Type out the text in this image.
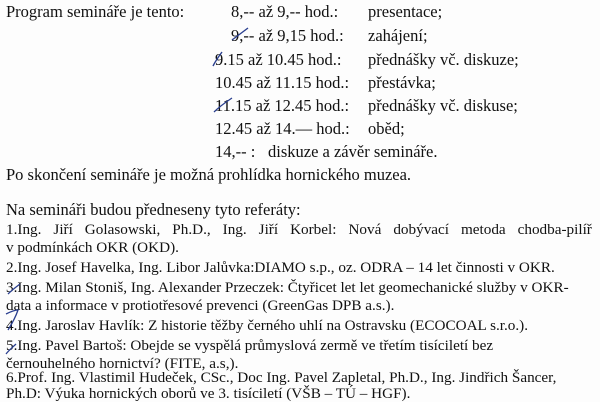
Program semináře je tento:	8,-- až 9,-- hod.: presentace;
9,-- až 9,15 hod.: zahájení;
9.15 až 10.45 hod.: přednášky vč. diskuze;
10.45 až 11.15 hod.: přestávka;
11.15 až 12.45 hod.: přednášky vč. diskuse;
12.45 až 14.— hod.: oběd;
14,-- : diskuze a závěr semináře.
Po skončení semináře je možná prohlídka hornického muzea.
Na semináři budou předneseny tyto referáty:
1.Ing. Jiří Golasowski, Ph.D., Ing. Jiří Korbel: Nová dobývací metoda chodba-pilíř
v podmínkách OKR (OKD).
2.Ing. Josef Havelka, Ing. Libor Jalůvka:DIAMO s.p., oz. ODRA – 14 let činnosti v OKR.
3.Ing. Milan Stoniš, Ing. Alexander Przeczek: Čtyřicet let let geomechanické služby v OKR-
data a informace v protiotřesové prevenci (GreenGas DPB a.s.).
4.Ing. Jaroslav Havlík: Z historie těžby černého uhlí na Ostravsku (ECOCOAL s.r.o.).
5.Ing. Pavel Bartoš: Obejde se vyspělá průmyslová zermě ve třetím tisíciletí bez
černouhelného hornictví? (FITE, a.s,).
6.Prof. Ing. Vlastimil Hudeček, CSc., Doc Ing. Pavel Zapletal, Ph.D., Ing. Jindřich Šancer,
Ph.D: Výuka hornických oborů ve 3. tisíciletí (VŠB – TÚ – HGF).
